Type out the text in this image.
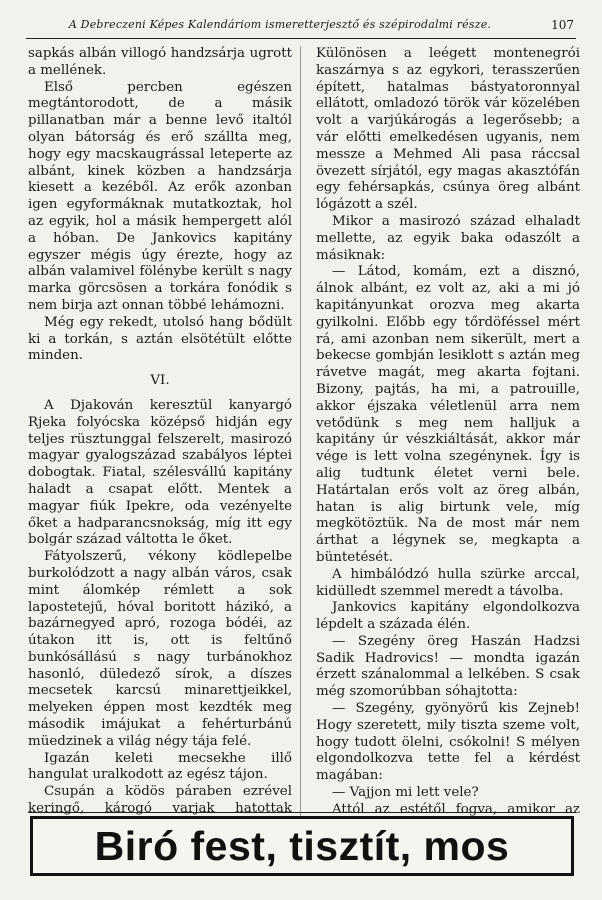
A Debreczeni Képes Kalendáriom ismeretterjesztő és szépirodalmi része.	107

sapkás albán villogó handzsárja ugrott a mellének.

Első percben egészen megtántorodott, de a másik pillanatban már a benne levő italtól olyan bátorság és erő szállta meg, hogy egy macskaugrással leteperte az albánt, kinek közben a handzsárja kiesett a kezéből. Az erők azonban igen egyformáknak mutatkoztak, hol az egyik, hol a másik hempergett alól a hóban. De Jankovics kapitány egyszer mégis úgy érezte, hogy az albán valamivel fölénybe került s nagy marka görcsösen a torkára fonódik s nem birja azt onnan többé lehámozni.

Még egy rekedt, utolsó hang bődült ki a torkán, s aztán elsötétült előtte minden.

VI.

A Djakován keresztül kanyargó Rjeka folyócska középső hidján egy teljes rüsztunggal felszerelt, masirozó magyar gyalogszázad szabályos léptei dobogtak. Fiatal, szélesvállú kapitány haladt a csapat előtt. Mentek a magyar fiúk Ipekre, oda vezényelte őket a hadparancsnokság, míg itt egy bolgár század váltotta le őket.

Fátyolszerű, vékony ködlepelbe burkolódzott a nagy albán város, csak mint álomkép rémlett a sok lapostetejű, hóval boritott házikó, a bazárnegyed apró, rozoga bódéi, az útakon itt is, ott is feltűnő bunkósállású s nagy turbánokhoz hasonló, düledező sírok, a díszes mecsetek karcsú minarettjeikkel, melyeken éppen most kezdték meg második imájukat a fehérturbánú müedzinek a világ négy tája felé.

Igazán keleti mecsekhe illő hangulat uralkodott az egész tájon.

Csupán a ködös páraben ezrével keringő, károgó varjak hatottak

Különösen a leégett montenegrói kaszárnya s az egykori, terasszerűen épített, hatalmas bástyatoronnyal ellátott, omladozó török vár közelében volt a varjúkárogás a legerősebb; a vár előtti emelkedésen ugyanis, nem messze a Mehmed Ali pasa ráccsal övezett sírjától, egy magas akasztófán egy fehérsapkás, csúnya öreg albánt lógázott a szél.

Mikor a masirozó század elhaladt mellette, az egyik baka odaszólt a másiknak:

— Látod, komám, ezt a disznó, álnok albánt, ez volt az, aki a mi jó kapitányunkat orozva meg akarta gyilkolni. Előbb egy tőrdöféssel mért rá, ami azonban nem sikerült, mert a bekecse gombján lesiklott s aztán meg rávetve magát, meg akarta fojtani. Bizony, pajtás, ha mi, a patrouille, akkor éjszaka véletlenül arra nem vetődünk s meg nem halljuk a kapitány úr vészkiáltását, akkor már vége is lett volna szegénynek. Így is alig tudtunk életet verni bele. Határtalan erős volt az öreg albán, hatan is alig birtunk vele, míg megkötöztük. Na de most már nem árthat a légynek se, megkapta a büntetését.

A himbálódzó hulla szürke arccal, kidülledt szemmel meredt a távolba.

Jankovics kapitány elgondolkozva lépdelt a százada élén.

— Szegény öreg Haszán Hadzsi Sadik Hadrovics! — mondta igazán érzett szánalommal a lelkében. S csak még szomorúbban sóhajtotta:

— Szegény, gyönyörű kis Zejneb! Hogy szeretett, mily tiszta szeme volt, hogy tudott ölelni, csókolni! S mélyen elgondolkozva tette fel a kérdést magában:

— Vajjon mi lett vele?

Attól az estétől fogva, amikor az

Biró fest, tisztít, mos
